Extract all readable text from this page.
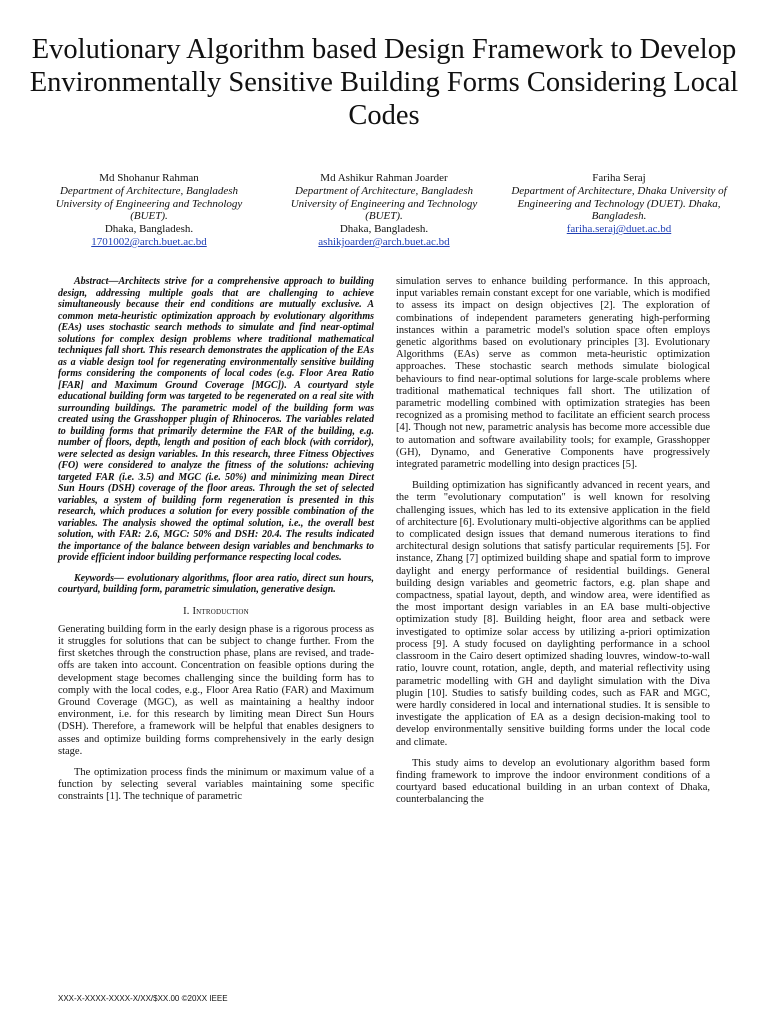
Evolutionary Algorithm based Design Framework to Develop Environmentally Sensitive Building Forms Considering Local Codes
Md Shohanur Rahman
Department of Architecture, Bangladesh University of Engineering and Technology (BUET).
Dhaka, Bangladesh.
1701002@arch.buet.ac.bd
Md Ashikur Rahman Joarder
Department of Architecture, Bangladesh University of Engineering and Technology (BUET).
Dhaka, Bangladesh.
ashikjoarder@arch.buet.ac.bd
Fariha Seraj
Department of Architecture, Dhaka University of Engineering and Technology (DUET). Dhaka, Bangladesh.
fariha.seraj@duet.ac.bd

Abstract—Architects strive for a comprehensive approach to building design, addressing multiple goals that are challenging to achieve simultaneously because their end conditions are mutually exclusive. A common meta-heuristic optimization approach by evolutionary algorithms (EAs) uses stochastic search methods to simulate and find near-optimal solutions for complex design problems where traditional mathematical techniques fall short. This research demonstrates the application of the EAs as a viable design tool for regenerating environmentally sensitive building forms considering the components of local codes (e.g. Floor Area Ratio [FAR] and Maximum Ground Coverage [MGC]). A courtyard style educational building form was targeted to be regenerated on a real site with surrounding buildings. The parametric model of the building form was created using the Grasshopper plugin of Rhinoceros. The variables related to building forms that primarily determine the FAR of the building, e.g. number of floors, depth, length and position of each block (with corridor), were selected as design variables. In this research, three Fitness Objectives (FO) were considered to analyze the fitness of the solutions: achieving targeted FAR (i.e. 3.5) and MGC (i.e. 50%) and minimizing mean Direct Sun Hours (DSH) coverage of the floor areas. Through the set of selected variables, a system of building form regeneration is presented in this research, which produces a solution for every possible combination of the variables. The analysis showed the optimal solution, i.e., the overall best solution, with FAR: 2.6, MGC: 50% and DSH: 20.4. The results indicated the importance of the balance between design variables and benchmarks to provide efficient indoor building performance respecting local codes.

Keywords— evolutionary algorithms, floor area ratio, direct sun hours, courtyard, building form, parametric simulation, generative design.

I. Introduction

Generating building form in the early design phase is a rigorous process as it struggles for solutions that can be subject to change further. From the first sketches through the construction phase, plans are revised, and trade-offs are taken into account. Concentration on feasible options during the development stage becomes challenging since the building form has to comply with the local codes, e.g., Floor Area Ratio (FAR) and Maximum Ground Coverage (MGC), as well as maintaining a healthy indoor environment, i.e. for this research by limiting mean Direct Sun Hours (DSH). Therefore, a framework will be helpful that enables designers to asses and optimize building forms comprehensively in the early design stage.

The optimization process finds the minimum or maximum value of a function by selecting several variables maintaining some specific constraints [1]. The technique of parametric

simulation serves to enhance building performance. In this approach, input variables remain constant except for one variable, which is modified to assess its impact on design objectives [2]. The exploration of combinations of independent parameters generating high-performing instances within a parametric model's solution space often employs genetic algorithms based on evolutionary principles [3]. Evolutionary Algorithms (EAs) serve as common meta-heuristic optimization approaches. These stochastic search methods simulate biological behaviours to find near-optimal solutions for large-scale problems where traditional mathematical techniques fall short. The utilization of parametric modelling combined with optimization strategies has been recognized as a promising method to facilitate an efficient search process [4]. Though not new, parametric analysis has become more accessible due to automation and software availability tools; for example, Grasshopper (GH), Dynamo, and Generative Components have progressively integrated parametric modelling into design practices [5].

Building optimization has significantly advanced in recent years, and the term "evolutionary computation" is well known for resolving challenging issues, which has led to its extensive application in the field of architecture [6]. Evolutionary multi-objective algorithms can be applied to complicated design issues that demand numerous iterations to find architectural design solutions that satisfy particular requirements [5]. For instance, Zhang [7] optimized building shape and spatial form to improve daylight and energy performance of residential buildings. General building design variables and geometric factors, e.g. plan shape and compactness, spatial layout, depth, and window area, were identified as the most important design variables in an EA base multi-objective optimization study [8]. Building height, floor area and setback were investigated to optimize solar access by utilizing a-priori optimization process [9]. A study focused on daylighting performance in a school classroom in the Cairo desert optimized shading louvres, window-to-wall ratio, louvre count, rotation, angle, depth, and material reflectivity using parametric modelling with GH and daylight simulation with the Diva plugin [10]. Studies to satisfy building codes, such as FAR and MGC, were hardly considered in local and international studies. It is sensible to investigate the application of EA as a design decision-making tool to develop environmentally sensitive building forms under the local code and climate.

This study aims to develop an evolutionary algorithm based form finding framework to improve the indoor environment conditions of a courtyard based educational building in an urban context of Dhaka, counterbalancing the

XXX-X-XXXX-XXXX-X/XX/$XX.00 ©20XX IEEE
